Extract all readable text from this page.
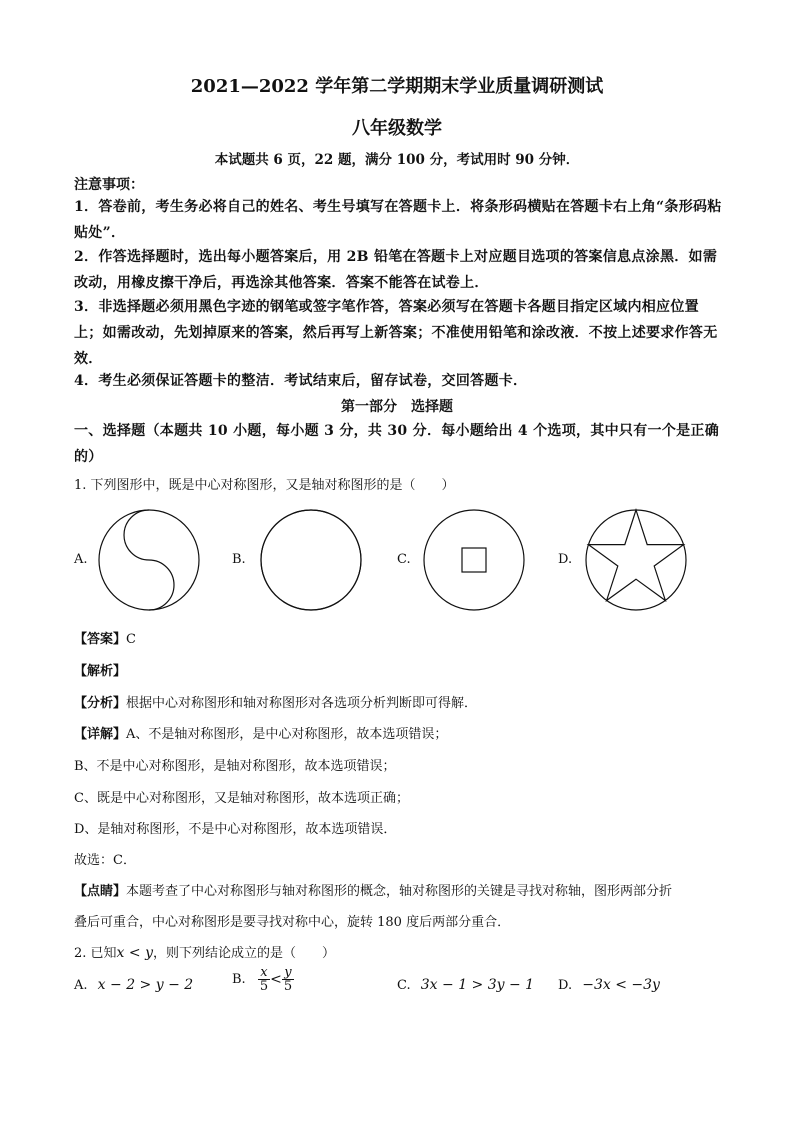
2021—2022 学年第二学期期末学业质量调研测试
八年级数学
本试题共 6 页，22 题，满分 100 分，考试用时 90 分钟．
注意事项：
1．答卷前，考生务必将自己的姓名、考生号填写在答题卡上．将条形码横贴在答题卡右上角“条形码粘贴处”．
2．作答选择题时，选出每小题答案后，用 2B 铅笔在答题卡上对应题目选项的答案信息点涂黑．如需改动，用橡皮擦干净后，再选涂其他答案．答案不能答在试卷上．
3．非选择题必须用黑色字迹的钢笔或签字笔作答，答案必须写在答题卡各题目指定区域内相应位置上；如需改动，先划掉原来的答案，然后再写上新答案；不准使用铅笔和涂改液．不按上述要求作答无效．
4．考生必须保证答题卡的整洁．考试结束后，留存试卷，交回答题卡．
第一部分　选择题
一、选择题（本题共 10 小题，每小题 3 分，共 30 分．每小题给出 4 个选项，其中只有一个是正确的）
1. 下列图形中，既是中心对称图形，又是轴对称图形的是（　　）
A.	B.	C.	D.
【答案】C
【解析】
【分析】根据中心对称图形和轴对称图形对各选项分析判断即可得解．
【详解】A、不是轴对称图形，是中心对称图形，故本选项错误；
B、不是中心对称图形，是轴对称图形，故本选项错误；
C、既是中心对称图形，又是轴对称图形，故本选项正确；
D、是轴对称图形，不是中心对称图形，故本选项错误．
故选：C．
【点睛】本题考查了中心对称图形与轴对称图形的概念，轴对称图形的关键是寻找对称轴，图形两部分折
叠后可重合，中心对称图形是要寻找对称中心，旋转 180 度后两部分重合．
2. 已知x < y，则下列结论成立的是（　　）
A. x − 2 > y − 2	B. $\frac{x}{5} < \frac{y}{5}$	C. 3x − 1 > 3y − 1 D. −3x < −3y
